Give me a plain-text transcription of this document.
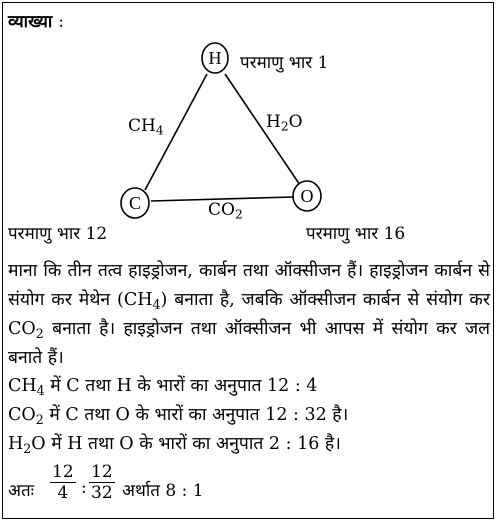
व्याख्या :
H
C	O
परमाणु भार 1
परमाणु भार 12	परमाणु भार 16
$CH_4$	$H_2O$
$CO_2$
माना कि तीन तत्व हाइड्रोजन, कार्बन तथा ऑक्सीजन हैं। हाइड्रोजन कार्बन से संयोग कर मेथेन $(CH_4)$ बनाता है, जबकि ऑक्सीजन कार्बन से संयोग कर $CO_2$ बनाता है। हाइड्रोजन तथा ऑक्सीजन भी आपस में संयोग कर जल बनाते हैं।
$CH_4$ में C तथा H के भारों का अनुपात 12 : 4
$CO_2$ में C तथा O के भारों का अनुपात 12 : 32 है।
$H_2O$ में H तथा O के भारों का अनुपात 2 : 16 है।
अतः
12
4 :
12
32 अर्थात 8 : 1
